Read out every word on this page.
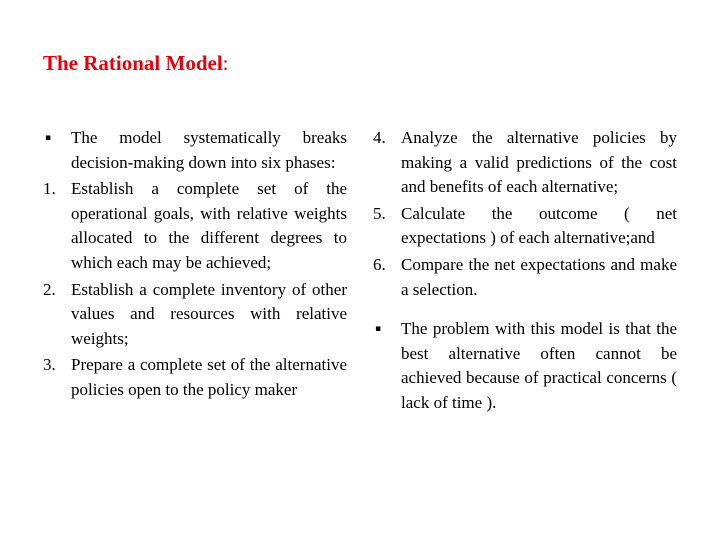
The Rational Model:
▪ The model systematically breaks decision-making down into six phases:
1. Establish a complete set of the operational goals, with relative weights allocated to the different degrees to which each may be achieved;
2. Establish a complete inventory of other values and resources with relative weights;
3. Prepare a complete set of the alternative policies open to the policy maker
4. Analyze the alternative policies by making a valid predictions of the cost and benefits of each alternative;
5. Calculate the outcome ( net expectations ) of each alternative;and
6. Compare the net expectations and make a selection.
▪ The problem with this model is that the best alternative often cannot be achieved because of practical concerns ( lack of time ).
